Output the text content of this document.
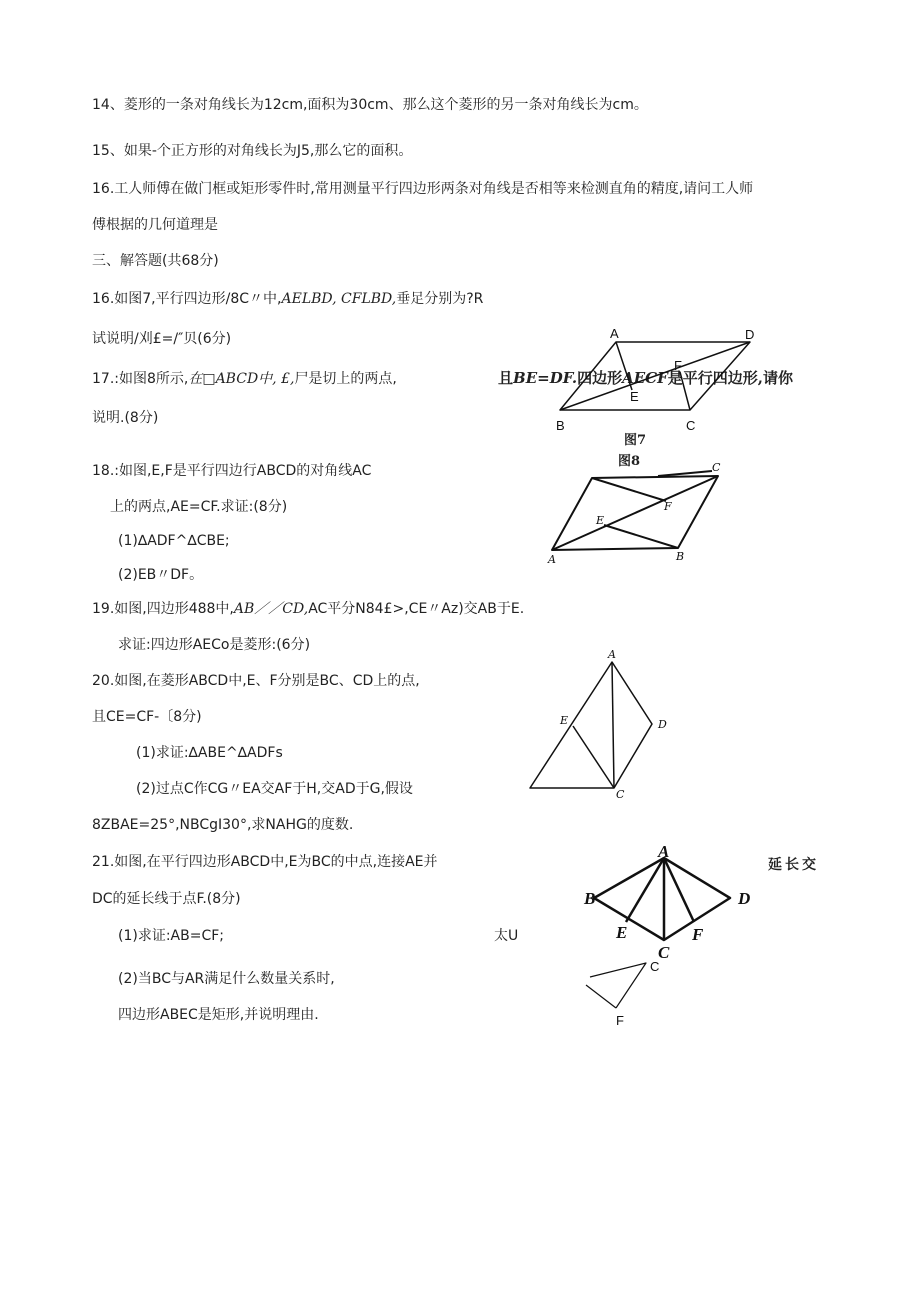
14、菱形的一条对角线长为12cm,面积为30cm、那么这个菱形的另一条对角线长为cm。
15、如果-个正方形的对角线长为J5,那么它的面积。
16.工人师傅在做门框或矩形零件时,常用测量平行四边形两条对角线是否相等来检测直角的精度,请问工人师
傅根据的几何道理是
三、解答题(共68分)
16.如图7,平行四边形/8C〃中,AELBD, CFLBD,垂足分别为?R
试说明/刈£=/″贝(6分)
17.:如图8所示,在□ABCD中, £,尸是切上的两点,	且BE=DF.四边形AECF是平行四边形,请你
说明.(8分)
18.:如图,E,F是平行四边行ABCD的对角线AC
上的两点,AE=CF.求证:(8分)
(1)∆ADF^∆CBE;
(2)EB〃DF。
19.如图,四边形488中,AB／／CD,AC平分N84£>,CE〃Az)交AB于E.
求证:四边形AECo是菱形:(6分)
20.如图,在菱形ABCD中,E、F分别是BC、CD上的点,
且CE=CF-〔8分)
(1)求证:∆ABE^∆ADFs
(2)过点C作CG〃EA交AF于H,交AD于G,假设
8ZBAE=25°,NBCgI30°,求NAHG的度数.
21.如图,在平行四边形ABCD中,E为BC的中点,连接AE并	延长交
DC的延长线于点F.(8分)
(1)求证:AB=CF;	太U
(2)当BC与AR满足什么数量关系时,
四边形ABEC是矩形,并说明理由.
A	D
F
E
B	C
图7
图8	C
F
E
A	B
A
E	D
C
A
B	D
E	F
C
C
F
